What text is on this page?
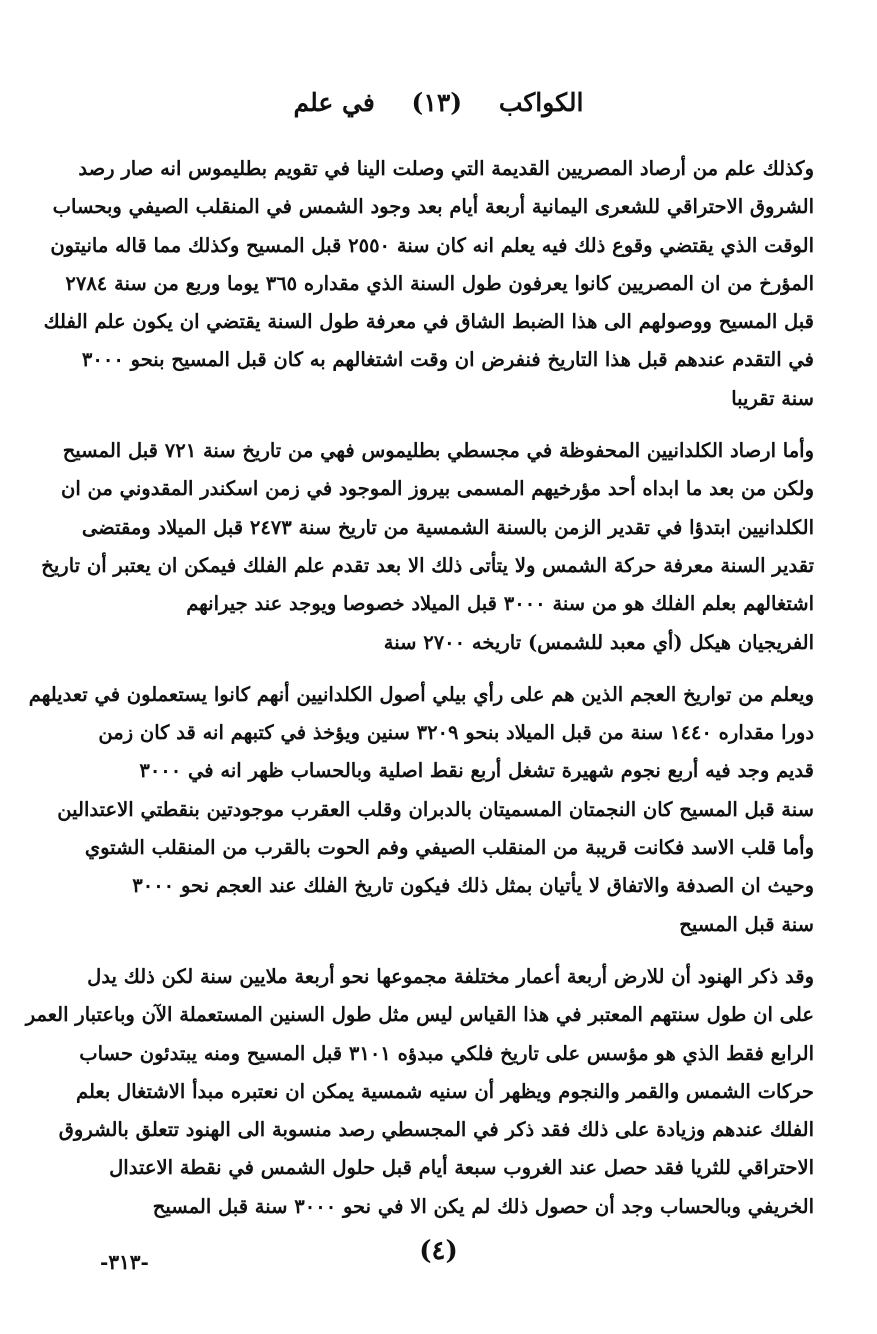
الكواكب (١٣) في علم

وكذلك علم من أرصاد المصريين القديمة التي وصلت الينا في تقويم بطليموس انه صار رصد

الشروق الاحتراقي للشعرى اليمانية أربعة أيام بعد وجود الشمس في المنقلب الصيفي وبحساب

الوقت الذي يقتضي وقوع ذلك فيه يعلم انه كان سنة ٢٥٥٠ قبل المسيح وكذلك مما قاله مانيتون

المؤرخ من ان المصريين كانوا يعرفون طول السنة الذي مقداره ٣٦٥ يوما وربع من سنة ٢٧٨٤

قبل المسيح ووصولهم الى هذا الضبط الشاق في معرفة طول السنة يقتضي ان يكون علم الفلك

في التقدم عندهم قبل هذا التاريخ فنفرض ان وقت اشتغالهم به كان قبل المسيح بنحو ٣٠٠٠

سنة تقريبا

وأما ارصاد الكلدانيين المحفوظة في مجسطي بطليموس فهي من تاريخ سنة ٧٢١ قبل المسيح

ولكن من بعد ما ابداه أحد مؤرخيهم المسمى بيروز الموجود في زمن اسكندر المقدوني من ان

الكلدانيين ابتدؤا في تقدير الزمن بالسنة الشمسية من تاريخ سنة ٢٤٧٣ قبل الميلاد ومقتضى

تقدير السنة معرفة حركة الشمس ولا يتأتى ذلك الا بعد تقدم علم الفلك فيمكن ان يعتبر أن تاريخ

اشتغالهم بعلم الفلك هو من سنة ٣٠٠٠ قبل الميلاد خصوصا ويوجد عند جيرانهم

الفريجيان هيكل (أي معبد للشمس) تاريخه ٢٧٠٠ سنة

ويعلم من تواريخ العجم الذين هم على رأي بيلي أصول الكلدانيين أنهم كانوا يستعملون في تعديلهم

دورا مقداره ١٤٤٠ سنة من قبل الميلاد بنحو ٣٢٠٩ سنين ويؤخذ في كتبهم انه قد كان زمن

قديم وجد فيه أربع نجوم شهيرة تشغل أربع نقط اصلية وبالحساب ظهر انه في ٣٠٠٠

سنة قبل المسيح كان النجمتان المسميتان بالدبران وقلب العقرب موجودتين بنقطتي الاعتدالين

وأما قلب الاسد فكانت قريبة من المنقلب الصيفي وفم الحوت بالقرب من المنقلب الشتوي

وحيث ان الصدفة والاتفاق لا يأتيان بمثل ذلك فيكون تاريخ الفلك عند العجم نحو ٣٠٠٠

سنة قبل المسيح

وقد ذكر الهنود أن للارض أربعة أعمار مختلفة مجموعها نحو أربعة ملايين سنة لكن ذلك يدل

على ان طول سنتهم المعتبر في هذا القياس ليس مثل طول السنين المستعملة الآن وباعتبار العمر

الرابع فقط الذي هو مؤسس على تاريخ فلكي مبدؤه ٣١٠١ قبل المسيح ومنه يبتدئون حساب

حركات الشمس والقمر والنجوم ويظهر أن سنيه شمسية يمكن ان نعتبره مبدأ الاشتغال بعلم

الفلك عندهم وزيادة على ذلك فقد ذكر في المجسطي رصد منسوبة الى الهنود تتعلق بالشروق

الاحتراقي للثريا فقد حصل عند الغروب سبعة أيام قبل حلول الشمس في نقطة الاعتدال

الخريفي وبالحساب وجد أن حصول ذلك لم يكن الا في نحو ٣٠٠٠ سنة قبل المسيح

(٤)
-٣١٣-
